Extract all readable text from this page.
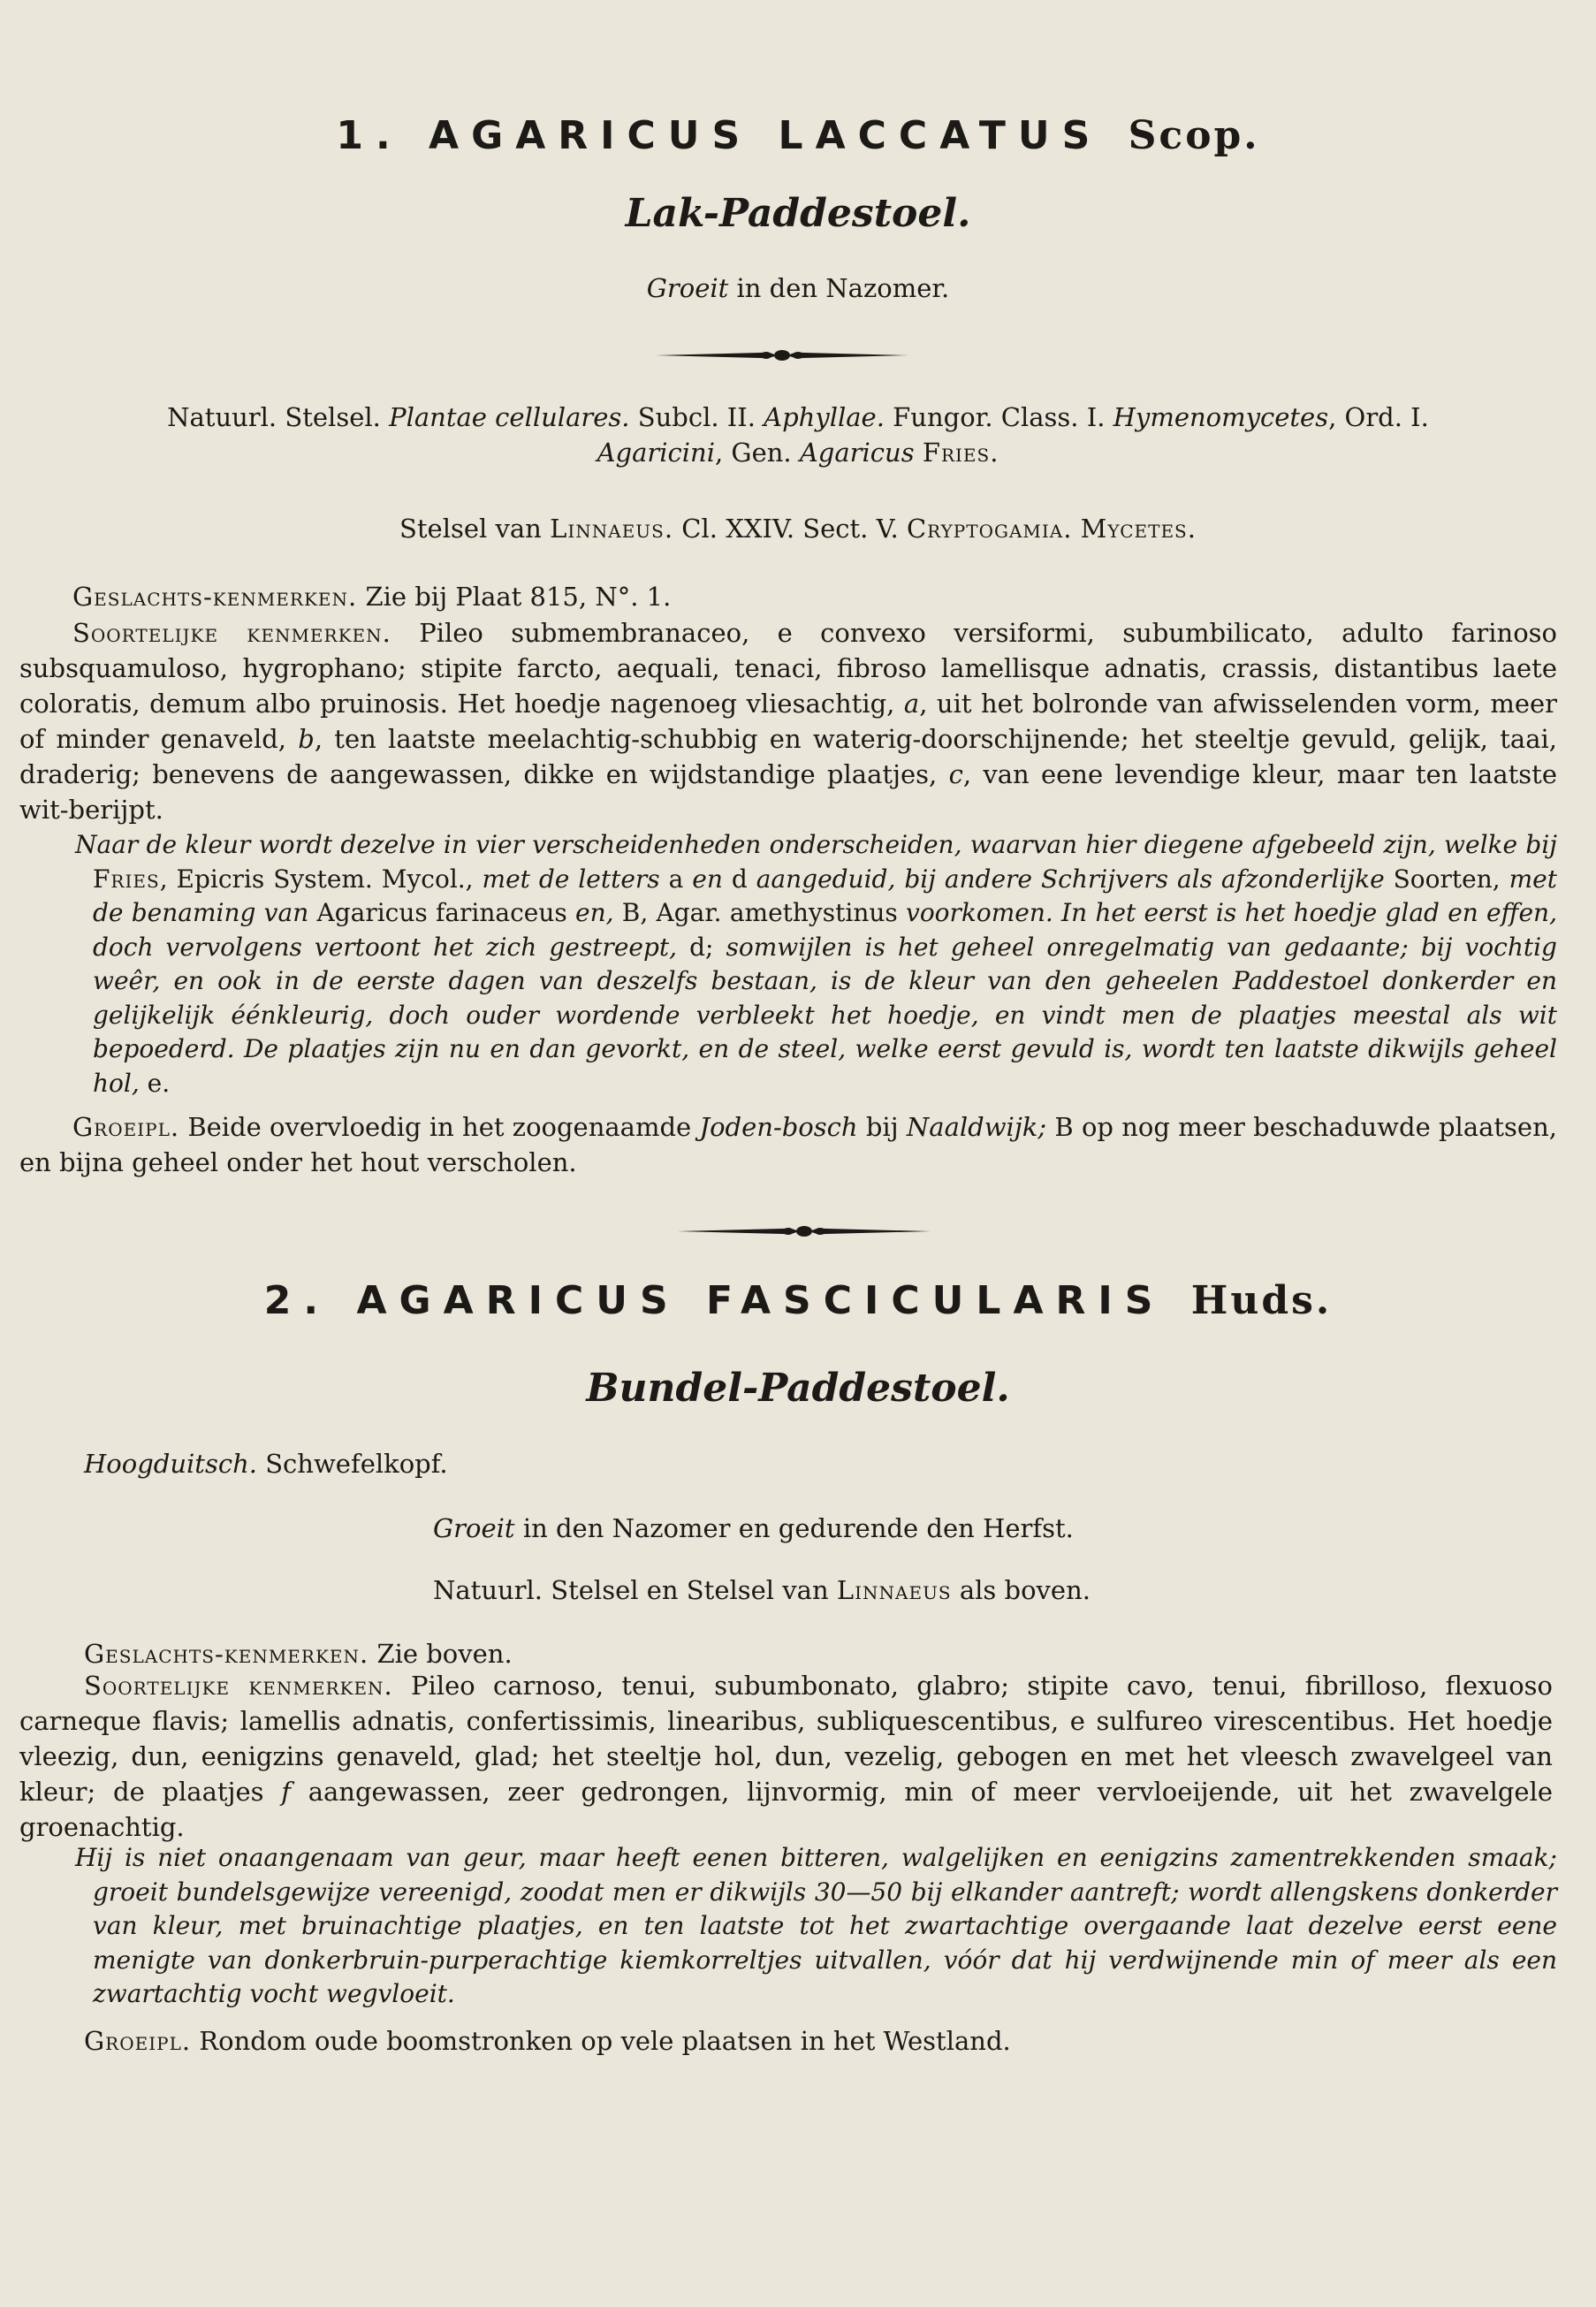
1. AGARICUS LACCATUS Scop.
Lak-Paddestoel.
Groeit in den Nazomer.
Natuurl. Stelsel. Plantae cellulares. Subcl. II. Aphyllae. Fungor. Class. I. Hymenomycetes, Ord. I.
Agaricini, Gen. Agaricus Fries.
Stelsel van Linnaeus. Cl. XXIV. Sect. V. Cryptogamia. Mycetes.
Geslachts-kenmerken. Zie bij Plaat 815, N°. 1.
Soortelijke kenmerken. Pileo submembranaceo, e convexo versiformi, subumbilicato, adulto farinoso subsquamuloso, hygrophano; stipite farcto, aequali, tenaci, fibroso lamellisque adnatis, crassis, distantibus laete coloratis, demum albo pruinosis. Het hoedje nagenoeg vliesachtig, a, uit het bolronde van afwisselenden vorm, meer of minder genaveld, b, ten laatste meelachtig-schubbig en waterig-doorschijnende; het steeltje gevuld, gelijk, taai, draderig; benevens de aangewassen, dikke en wijdstandige plaatjes, c, van eene levendige kleur, maar ten laatste wit-berijpt.
Naar de kleur wordt dezelve in vier verscheidenheden onderscheiden, waarvan hier diegene afgebeeld zijn, welke bij Fries, Epicris System. Mycol., met de letters a en d aangeduid, bij andere Schrijvers als afzonderlijke Soorten, met de benaming van Agaricus farinaceus en, B, Agar. amethystinus voorkomen. In het eerst is het hoedje glad en effen, doch vervolgens vertoont het zich gestreept, d; somwijlen is het geheel onregelmatig van gedaante; bij vochtig weêr, en ook in de eerste dagen van deszelfs bestaan, is de kleur van den geheelen Paddestoel donkerder en gelijkelijk éénkleurig, doch ouder wordende verbleekt het hoedje, en vindt men de plaatjes meestal als wit bepoederd. De plaatjes zijn nu en dan gevorkt, en de steel, welke eerst gevuld is, wordt ten laatste dikwijls geheel hol, e.
Groeipl. Beide overvloedig in het zoogenaamde Joden-bosch bij Naaldwijk; B op nog meer beschaduwde plaatsen, en bijna geheel onder het hout verscholen.
2. AGARICUS FASCICULARIS Huds.
Bundel-Paddestoel.
Hoogduitsch. Schwefelkopf.
Groeit in den Nazomer en gedurende den Herfst.
Natuurl. Stelsel en Stelsel van Linnaeus als boven.
Geslachts-kenmerken. Zie boven.
Soortelijke kenmerken. Pileo carnoso, tenui, subumbonato, glabro; stipite cavo, tenui, fibrilloso, flexuoso carneque flavis; lamellis adnatis, confertissimis, linearibus, subliquescentibus, e sulfureo virescentibus. Het hoedje vleezig, dun, eenigzins genaveld, glad; het steeltje hol, dun, vezelig, gebogen en met het vleesch zwavelgeel van kleur; de plaatjes f aangewassen, zeer gedrongen, lijnvormig, min of meer vervloeijende, uit het zwavelgele groenachtig.
Hij is niet onaangenaam van geur, maar heeft eenen bitteren, walgelijken en eenigzins zamentrekkenden smaak; groeit bundelsgewijze vereenigd, zoodat men er dikwijls 30—50 bij elkander aantreft; wordt allengskens donkerder van kleur, met bruinachtige plaatjes, en ten laatste tot het zwartachtige overgaande laat dezelve eerst eene menigte van donkerbruin-purperachtige kiemkorreltjes uitvallen, vóór dat hij verdwijnende min of meer als een zwartachtig vocht wegvloeit.
Groeipl. Rondom oude boomstronken op vele plaatsen in het Westland.
